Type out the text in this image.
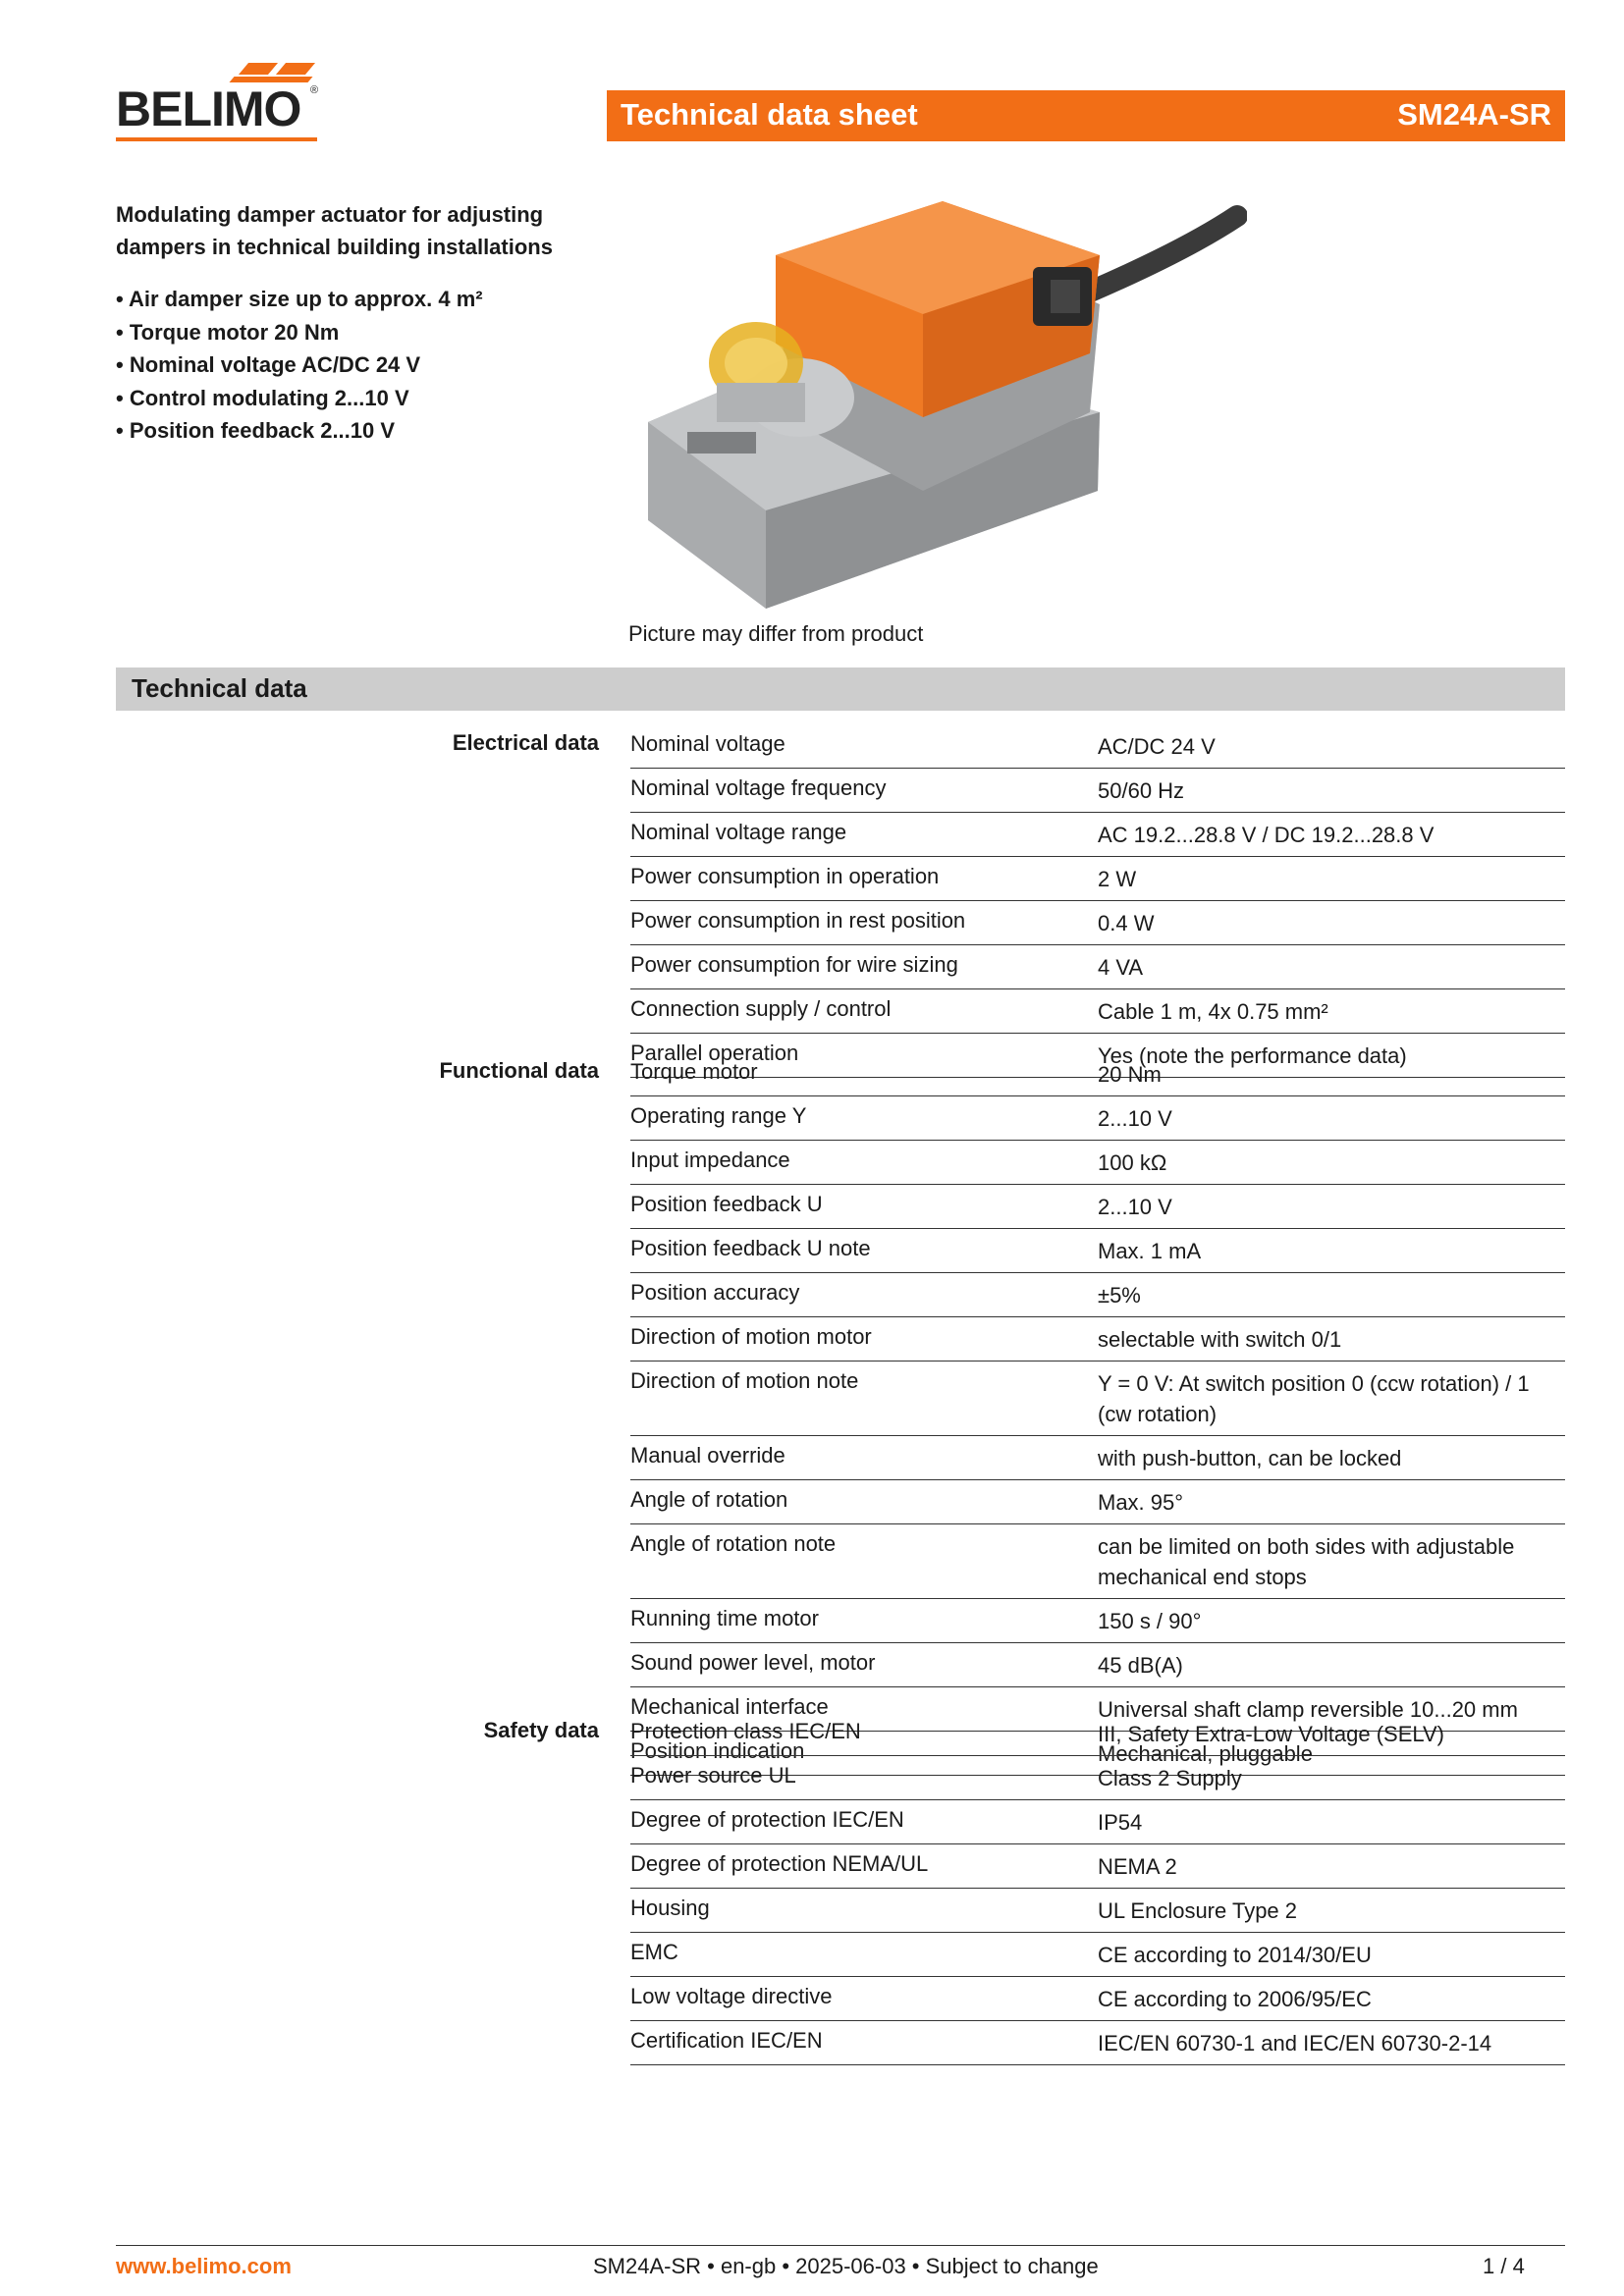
BELIMO ®
Technical data sheet	SM24A-SR
Modulating damper actuator for adjusting
dampers in technical building installations
• Air damper size up to approx. 4 m²
• Torque motor 20 Nm
• Nominal voltage AC/DC 24 V
• Control modulating 2...10 V
• Position feedback 2...10 V
Picture may differ from product
Technical data
Electrical data Nominal voltage	AC/DC 24 V
Nominal voltage frequency	50/60 Hz
Nominal voltage range	AC 19.2...28.8 V / DC 19.2...28.8 V
Power consumption in operation	2 W
Power consumption in rest position	0.4 W
Power consumption for wire sizing	4 VA
Connection supply / control	Cable 1 m, 4x 0.75 mm²
Parallel operation	Yes (note the performance data)
Functional data Torque motor	20 Nm
Operating range Y	2...10 V
Input impedance	100 kΩ
Position feedback U	2...10 V
Position feedback U note	Max. 1 mA
Position accuracy	±5%
Direction of motion motor	selectable with switch 0/1
Direction of motion note	Y = 0 V: At switch position 0 (ccw rotation) / 1 (cw rotation)
Manual override	with push-button, can be locked
Angle of rotation	Max. 95°
Angle of rotation note	can be limited on both sides with adjustable mechanical end stops
Running time motor	150 s / 90°
Sound power level, motor	45 dB(A)
Mechanical interface	Universal shaft clamp reversible 10...20 mm
Position indication	Mechanical, pluggable
Safety data Protection class IEC/EN	III, Safety Extra-Low Voltage (SELV)
Power source UL	Class 2 Supply
Degree of protection IEC/EN	IP54
Degree of protection NEMA/UL	NEMA 2
Housing	UL Enclosure Type 2
EMC	CE according to 2014/30/EU
Low voltage directive	CE according to 2006/95/EC
Certification IEC/EN	IEC/EN 60730-1 and IEC/EN 60730-2-14
www.belimo.com	SM24A-SR • en-gb • 2025-06-03 • Subject to change	1 / 4
